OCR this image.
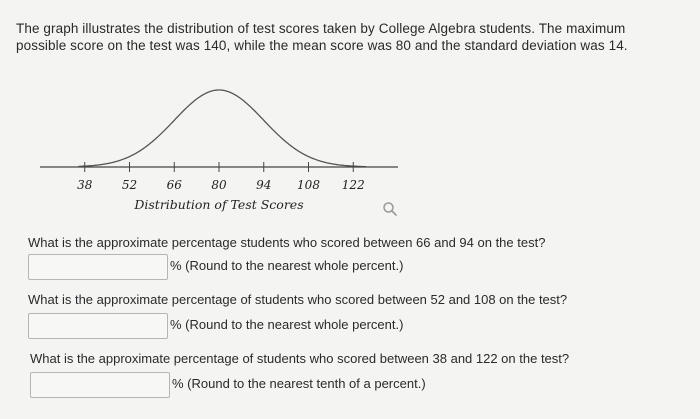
The graph illustrates the distribution of test scores taken by College Algebra students. The maximum possible score on the test was 140, while the mean score was 80 and the standard deviation was 14.
38 52 66 80 94 108 122
Distribution of Test Scores
What is the approximate percentage students who scored between 66 and 94 on the test?
% (Round to the nearest whole percent.)
What is the approximate percentage of students who scored between 52 and 108 on the test?
% (Round to the nearest whole percent.)
What is the approximate percentage of students who scored between 38 and 122 on the test?
% (Round to the nearest tenth of a percent.)
